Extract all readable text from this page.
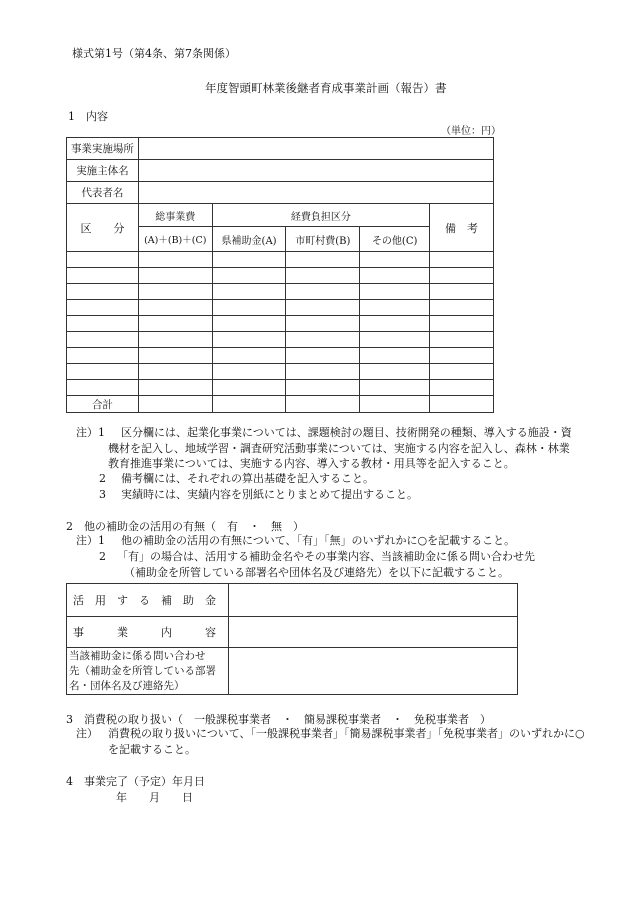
様式第1号（第4条、第7条関係）
年度智頭町林業後継者育成事業計画（報告）書
1　内容
（単位：円）
事業実施場所					
実施主体名					
代表者名					
区　　分	総事業費	経費負担区分			備　考
	(A)＋(B)＋(C)	県補助金(A)	市町村費(B)	その他(C)	

合計					
注）1 区分欄には、起業化事業については、課題検討の題目、技術開発の種類、導入する施設・資
機材を記入し、地域学習・調査研究活動事業については、実施する内容を記入し、森林・林業
教育推進事業については、実施する内容、導入する教材・用具等を記入すること。
2 備考欄には、それぞれの算出基礎を記入すること。
3 実績時には、実績内容を別紙にとりまとめて提出すること。
2　他の補助金の活用の有無（　有　・　無　）
注）1 他の補助金の活用の有無について、「有」「無」のいずれかに○を記載すること。
2 「有」の場合は、活用する補助金名やその事業内容、当該補助金に係る問い合わせ先
（補助金を所管している部署名や団体名及び連絡先）を以下に記載すること。
活　用　す　る　補　助　金	
事　　　業　　　内　　　容	

当該補助金に係る問い合わせ
先（補助金を所管している部署
名・団体名及び連絡先）	

3　消費税の取り扱い（　一般課税事業者　・　簡易課税事業者　・　免税事業者　）
注） 消費税の取り扱いについて、「一般課税事業者」「簡易課税事業者」「免税事業者」のいずれかに○
を記載すること。
4　事業完了（予定）年月日
年　　月　　日
